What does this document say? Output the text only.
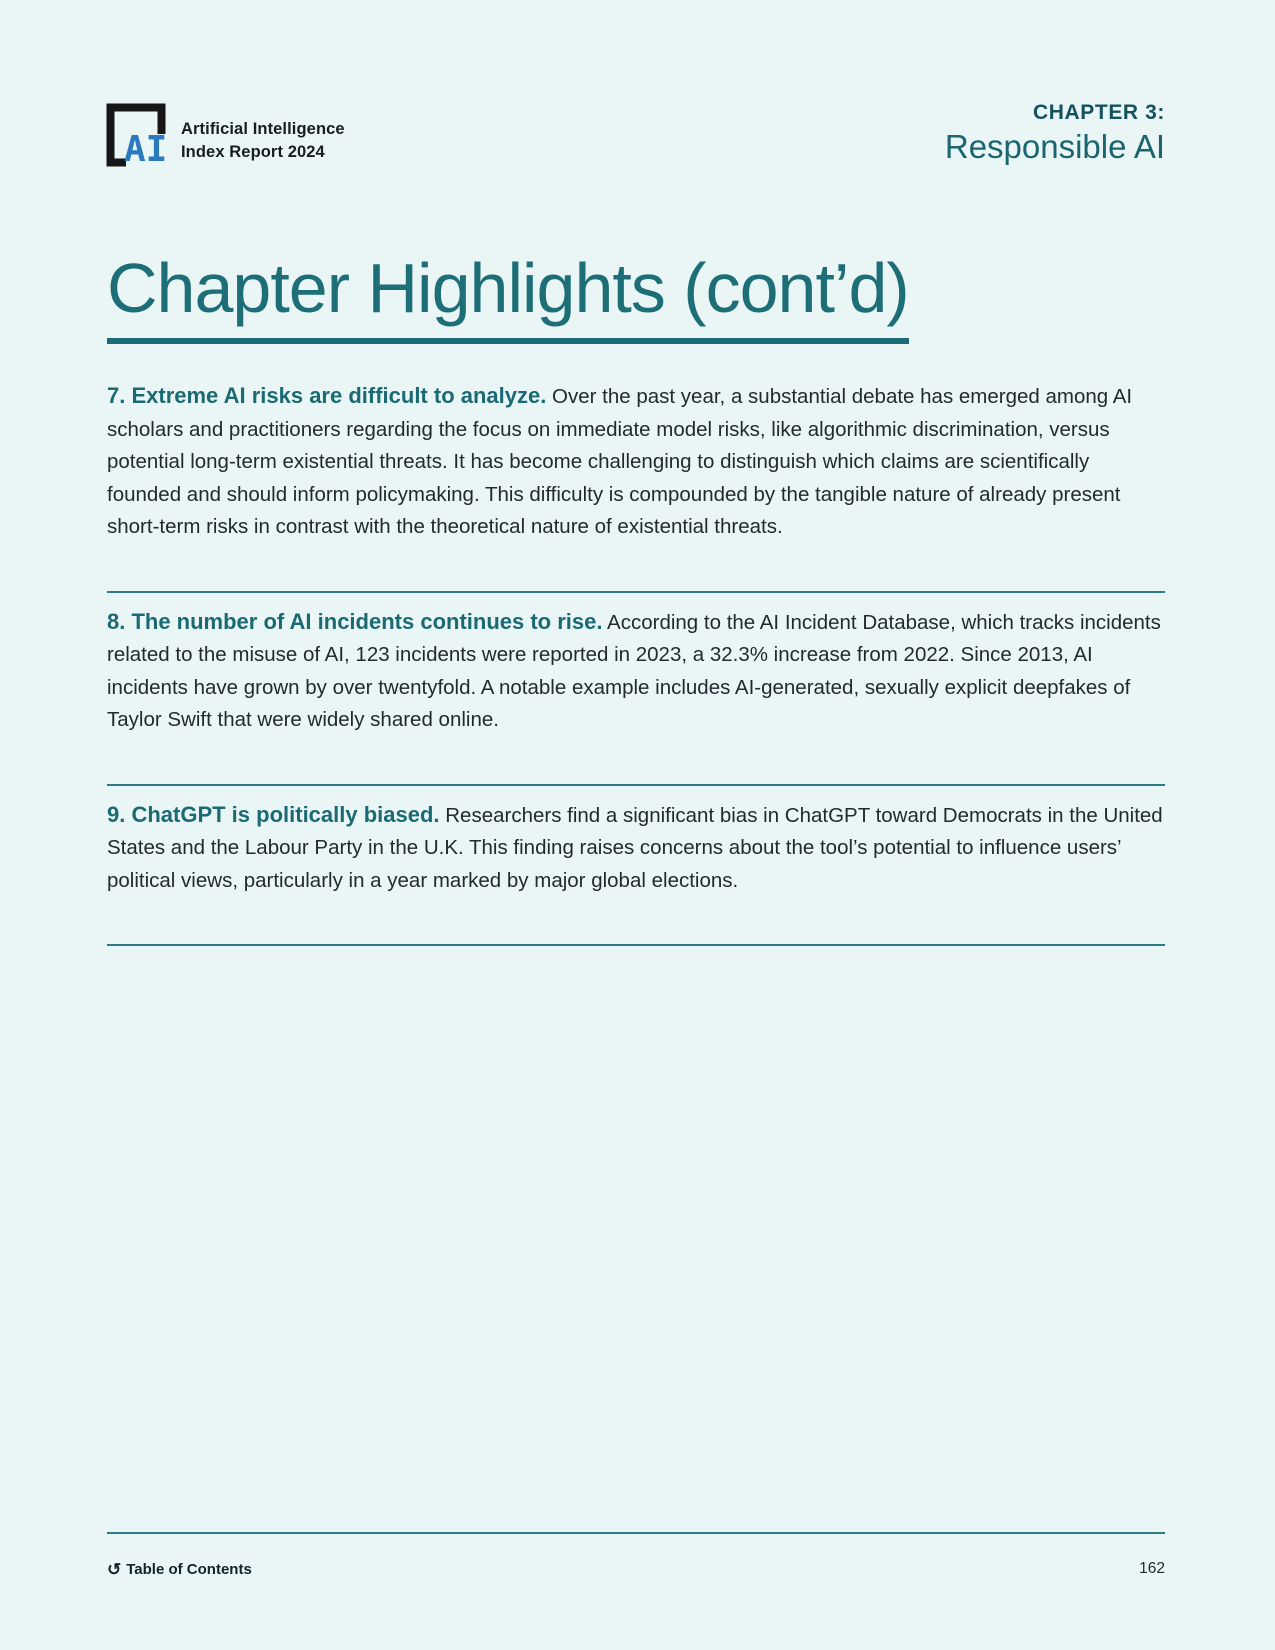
AI Artificial Intelligence
Index Report 2024
CHAPTER 3:
Responsible AI
Chapter Highlights (cont’d)

7. Extreme AI risks are difficult to analyze. Over the past year, a substantial debate has emerged among AI scholars and practitioners regarding the focus on immediate model risks, like algorithmic discrimination, versus potential long-term existential threats. It has become challenging to distinguish which claims are scientifically founded and should inform policymaking. This difficulty is compounded by the tangible nature of already present short-term risks in contrast with the theoretical nature of existential threats.

8. The number of AI incidents continues to rise. According to the AI Incident Database, which tracks incidents related to the misuse of AI, 123 incidents were reported in 2023, a 32.3% increase from 2022. Since 2013, AI incidents have grown by over twentyfold. A notable example includes AI-generated, sexually explicit deepfakes of Taylor Swift that were widely shared online.

9. ChatGPT is politically biased. Researchers find a significant bias in ChatGPT toward Democrats in the United States and the Labour Party in the U.K. This finding raises concerns about the tool’s potential to influence users’ political views, particularly in a year marked by major global elections.

↺ Table of Contents	162
